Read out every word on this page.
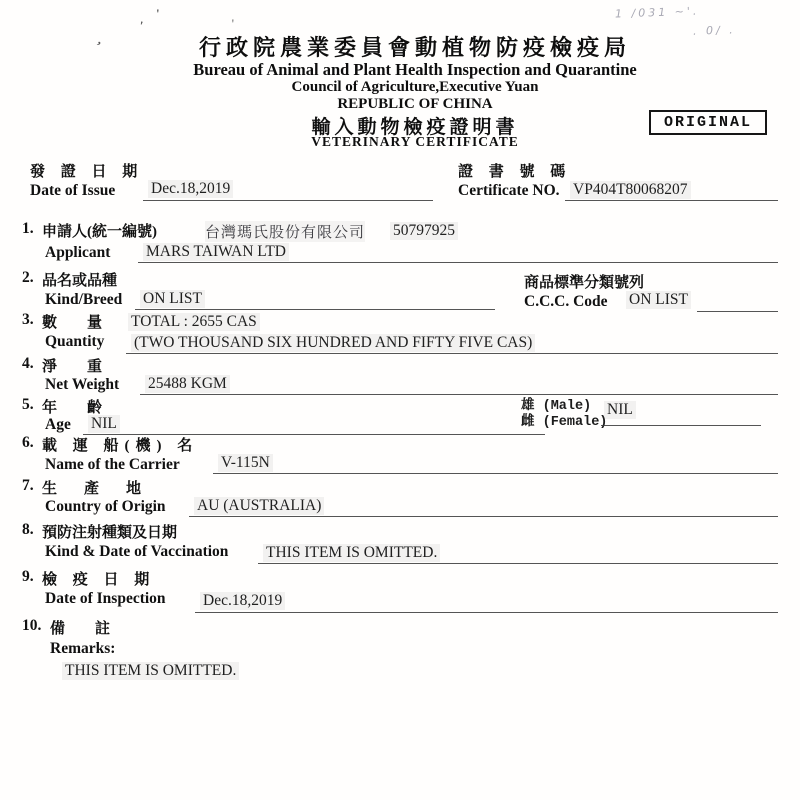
,
'
'
'
1 /031 ~'.
. 0/ .
行政院農業委員會動植物防疫檢疫局
Bureau of Animal and Plant Health Inspection and Quarantine
Council of Agriculture,Executive Yuan
REPUBLIC OF CHINA
輸入動物檢疫證明書
VETERINARY CERTIFICATE
ORIGINAL
發 證 日 期
Date of Issue Dec.18,2019
證 書 號 碼
Certificate NO. VP404T80068207
1. 申請人(統一編號)	台灣瑪氏股份有限公司 50797925
Applicant MARS TAIWAN LTD
2. 品名或品種
Kind/Breed ON LIST
商品標準分類號列
C.C.C. Code ON LIST
3. 數　　量 TOTAL : 2655 CAS
Quantity (TWO THOUSAND SIX HUNDRED AND FIFTY FIVE CAS)
4. 淨　　重
Net Weight 25488 KGM
5. 年　　齡
Age NIL
雄 (Male)
雌 (Female)
NIL
6. 載 運 船(機) 名
Name of the Carrier	V-115N
7. 生　產　地
Country of Origin AU (AUSTRALIA)
8. 預防注射種類及日期
Kind & Date of Vaccination THIS ITEM IS OMITTED.
9. 檢 疫 日 期
Date of Inspection Dec.18,2019
10. 備　　註
Remarks:
THIS ITEM IS OMITTED.
